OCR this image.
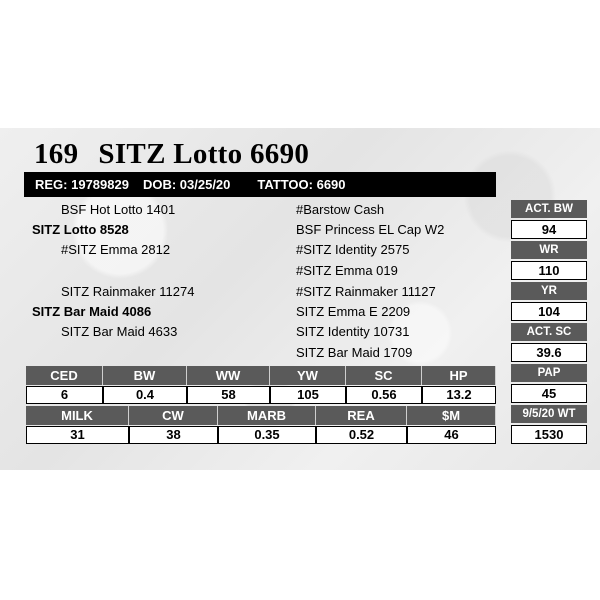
169 SITZ Lotto 6690
REG: 19789829 DOB: 03/25/20 TATTOO: 6690
BSF Hot Lotto 1401
SITZ Lotto 8528
#SITZ Emma 2812
SITZ Rainmaker 11274
SITZ Bar Maid 4086
SITZ Bar Maid 4633
#Barstow Cash
BSF Princess EL Cap W2
#SITZ Identity 2575
#SITZ Emma 019
#SITZ Rainmaker 11127
SITZ Emma E 2209
SITZ Identity 10731
SITZ Bar Maid 1709
ACT. BW
94
WR
110
YR
104
ACT. SC
39.6
PAP
45
9/5/20 WT
1530
CED	BW	WW	YW	SC	HP
6	0.4	58	105	0.56	13.2
MILK	CW	MARB	REA	$M
31	38	0.35	0.52	46
